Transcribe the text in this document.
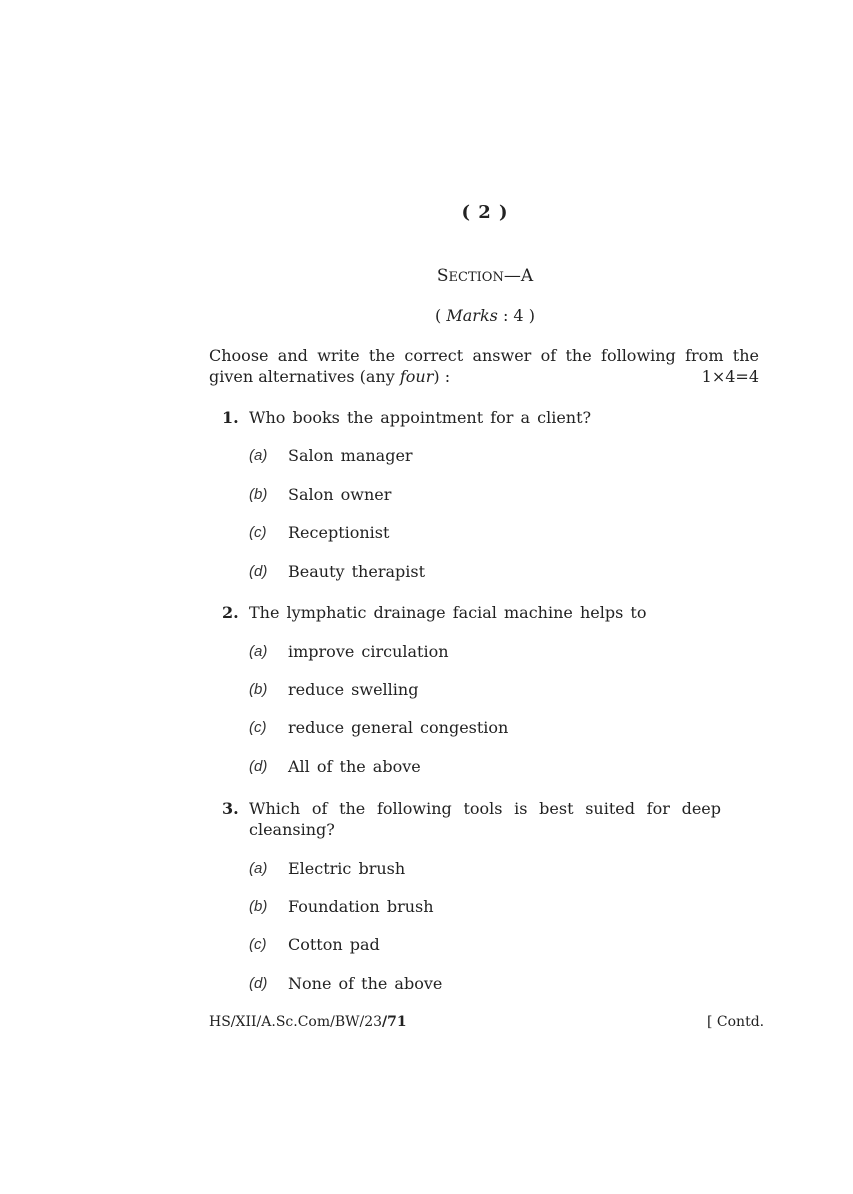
( 2 )
SECTION—A
( Marks : 4 )
Choose and write the correct answer of the following from the
given alternatives (any four) :	1×4=4
1. Who books the appointment for a client?
(a) Salon manager
(b) Salon owner
(c) Receptionist
(d) Beauty therapist
2. The lymphatic drainage facial machine helps to
(a) improve circulation
(b) reduce swelling
(c) reduce general congestion
(d) All of the above
3. Which of the following tools is best suited for deep
cleansing?
(a) Electric brush
(b) Foundation brush
(c) Cotton pad
(d) None of the above
HS/XII/A.Sc.Com/BW/23/71	[ Contd.
